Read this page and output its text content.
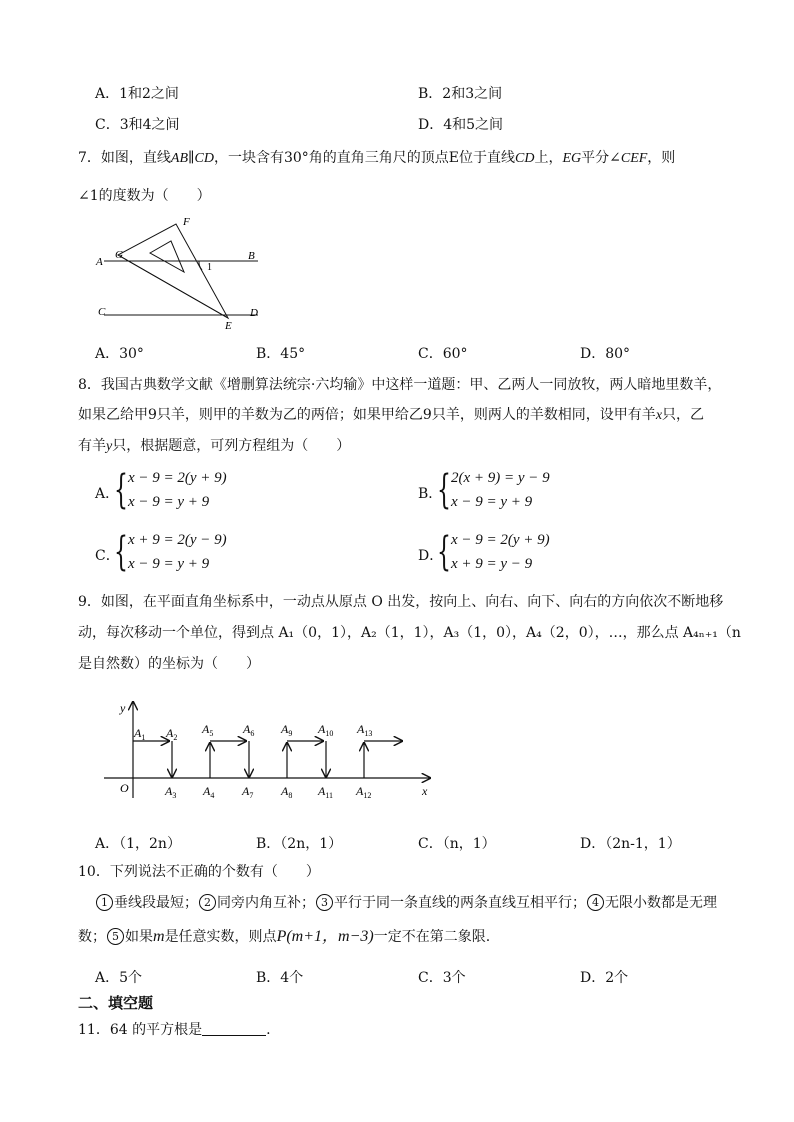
A．1和2之间	B．2和3之间
C．3和4之间	D．4和5之间
7．如图，直线AB∥CD，一块含有30°角的直角三角尺的顶点E位于直线CD上，EG平分∠CEF，则
∠1的度数为（　　）
A	B
C	D
E
F
G
1
A．30°	B．45°	C．60°	D．80°
8．我国古典数学文献《增删算法统宗·六均输》中这样一道题：甲、乙两人一同放牧，两人暗地里数羊，
如果乙给甲9只羊，则甲的羊数为乙的两倍；如果甲给乙9只羊，则两人的羊数相同，设甲有羊x只，乙
有羊y只，根据题意，可列方程组为（　　）
A．
{ x − 9 = 2(y + 9)
x − 9 = y + 9	B．
{ 2(x + 9) = y − 9
x − 9 = y + 9
C．
{ x + 9 = 2(y − 9)
x − 9 = y + 9	D．
{ x − 9 = 2(y + 9)
x + 9 = y − 9
9．如图，在平面直角坐标系中，一动点从原点 O 出发，按向上、向右、向下、向右的方向依次不断地移
动，每次移动一个单位，得到点 A₁（0，1），A₂（1，1），A₃（1，0），A₄（2，0），…，那么点 A₄ₙ₊₁（n
是自然数）的坐标为（　　）
y
x
O
$A_1$ $A_2$
$A_3$ $A_4$
$A_5$ $A_6$
$A_7$ $A_8$
$A_9$ $A_{10}$
$A_{11}$ $A_{12}$
$A_{13}$
A．（1，2n）	B．（2n，1）	C．（n，1）	D．（2n-1，1）
10．下列说法不正确的个数有（　　）
1 垂线段最短； 2 同旁内角互补； 3 平行于同一条直线的两条直线互相平行； 4 无限小数都是无理
数； 5 如果m是任意实数，则点P(m+1，m−3)一定不在第二象限.
A．5个	B．4个	C．3个	D．2个
二、填空题
11．64 的平方根是	.
